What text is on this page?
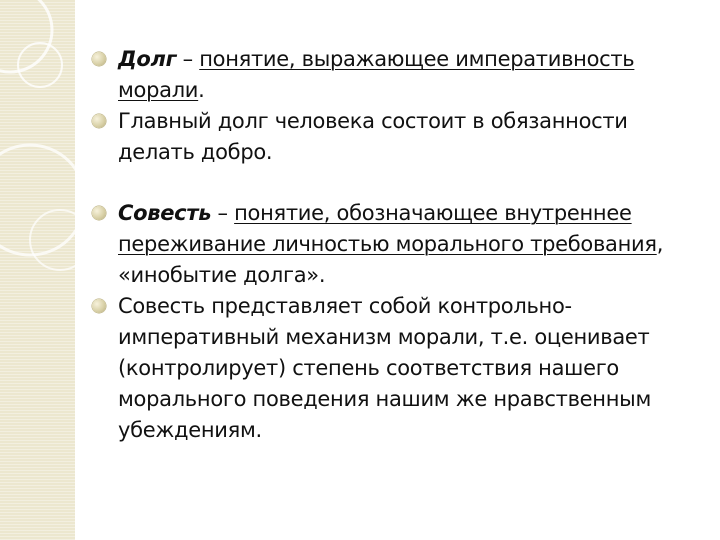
Долг – понятие, выражающее императивность морали.
Главный долг человека состоит в обязанности делать добро.
Совесть – понятие, обозначающее внутреннее переживание личностью морального требования, «инобытие долга».
Совесть представляет собой контрольно-императивный механизм морали, т.е. оценивает (контролирует) степень соответствия нашего морального поведения нашим же нравственным убеждениям.
